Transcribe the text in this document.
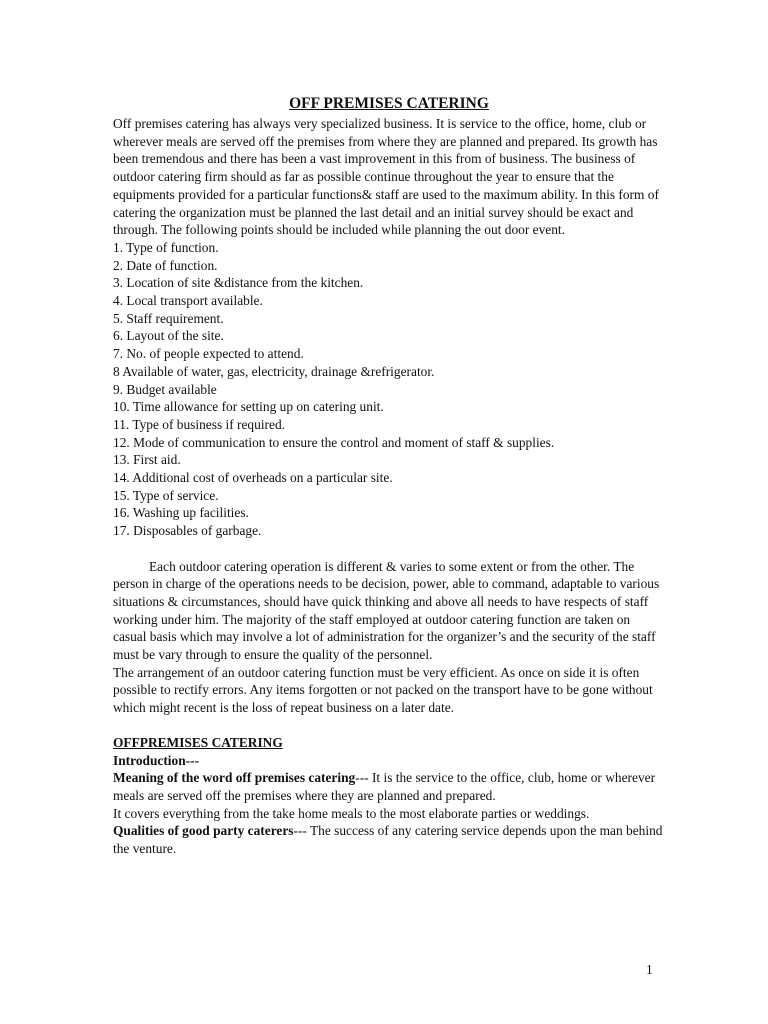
OFF PREMISES CATERING

Off premises catering has always very specialized business. It is service to the office, home, club or wherever meals are served off the premises from where they are planned and prepared. Its growth has been tremendous and there has been a vast improvement in this from of business. The business of outdoor catering firm should as far as possible continue throughout the year to ensure that the equipments provided for a particular functions& staff are used to the maximum ability. In this form of catering the organization must be planned the last detail and an initial survey should be exact and through. The following points should be included while planning the out door event.

1. Type of function.
2. Date of function.
3. Location of site &distance from the kitchen.
4. Local transport available.
5. Staff requirement.
6. Layout of the site.
7. No. of people expected to attend.
8 Available of water, gas, electricity, drainage &refrigerator.
9. Budget available
10. Time allowance for setting up on catering unit.
11. Type of business if required.
12. Mode of communication to ensure the control and moment of staff & supplies.
13. First aid.
14. Additional cost of overheads on a particular site.
15. Type of service.
16. Washing up facilities.
17. Disposables of garbage.

Each outdoor catering operation is different & varies to some extent or from the other. The person in charge of the operations needs to be decision, power, able to command, adaptable to various situations & circumstances, should have quick thinking and above all needs to have respects of staff working under him. The majority of the staff employed at outdoor catering function are taken on casual basis which may involve a lot of administration for the organizer’s and the security of the staff must be vary through to ensure the quality of the personnel.

The arrangement of an outdoor catering function must be very efficient. As once on side it is often possible to rectify errors. Any items forgotten or not packed on the transport have to be gone without which might recent is the loss of repeat business on a later date.

OFFPREMISES CATERING
Introduction---

Meaning of the word off premises catering--- It is the service to the office, club, home or wherever meals are served off the premises where they are planned and prepared.

It covers everything from the take home meals to the most elaborate parties or weddings.

Qualities of good party caterers--- The success of any catering service depends upon the man behind the venture.

1
